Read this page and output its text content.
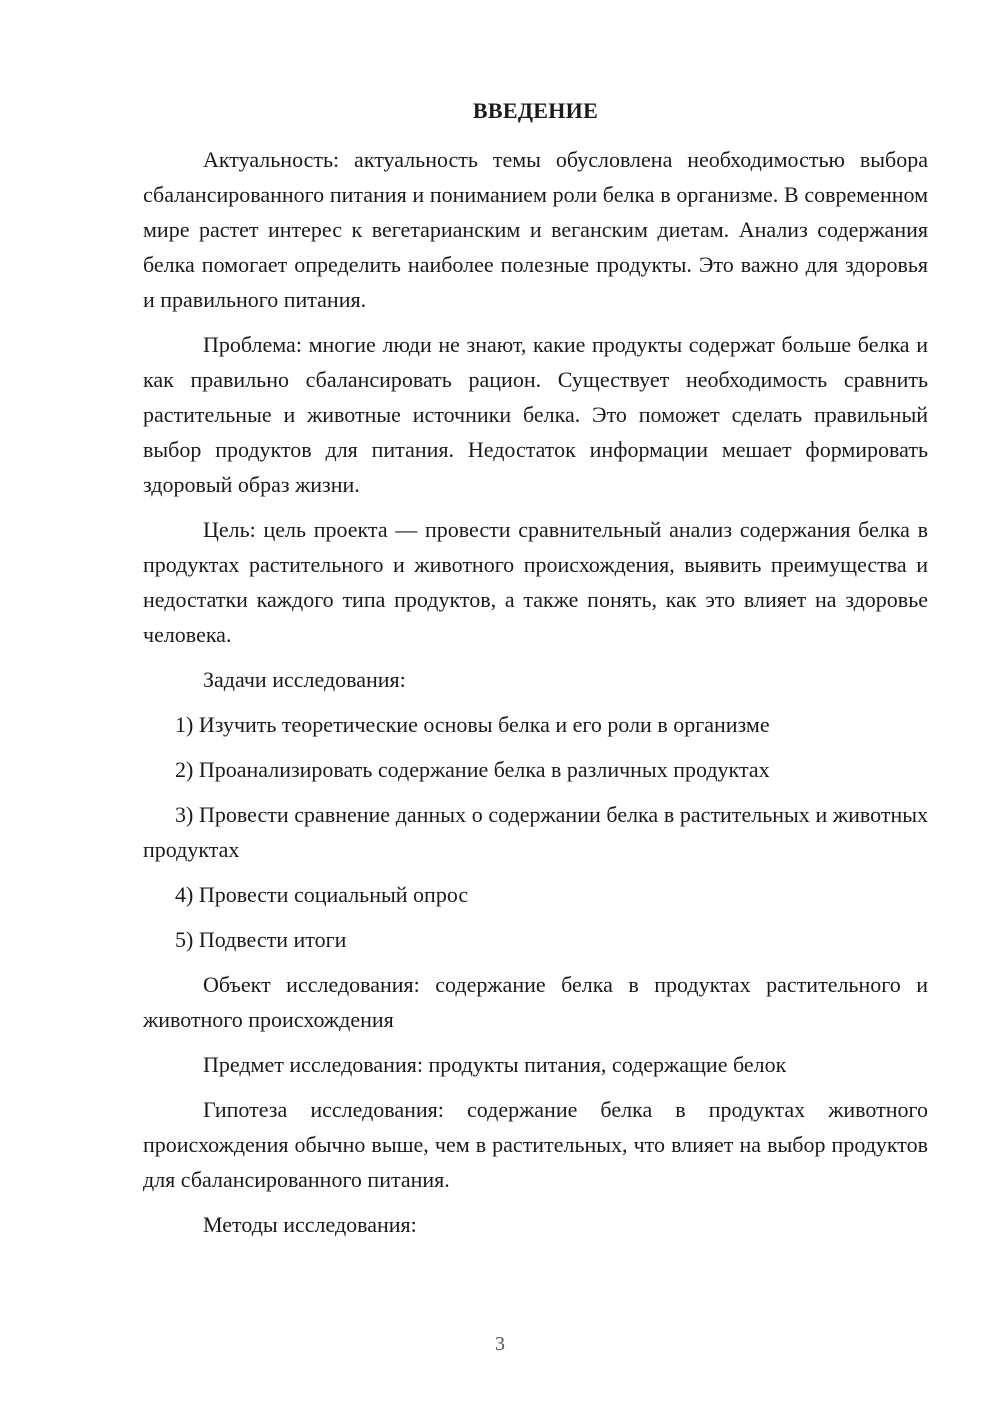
ВВЕДЕНИЕ

Актуальность: актуальность темы обусловлена необходимостью выбора сбалансированного питания и пониманием роли белка в организме. В современном мире растет интерес к вегетарианским и веганским диетам. Анализ содержания белка помогает определить наиболее полезные продукты. Это важно для здоровья и правильного питания.

Проблема: многие люди не знают, какие продукты содержат больше белка и как правильно сбалансировать рацион. Существует необходимость сравнить растительные и животные источники белка. Это поможет сделать правильный выбор продуктов для питания. Недостаток информации мешает формировать здоровый образ жизни.

Цель: цель проекта — провести сравнительный анализ содержания белка в продуктах растительного и животного происхождения, выявить преимущества и недостатки каждого типа продуктов, а также понять, как это влияет на здоровье человека.

Задачи исследования:

1) Изучить теоретические основы белка и его роли в организме

2) Проанализировать содержание белка в различных продуктах

3) Провести сравнение данных о содержании белка в растительных и животных продуктах

4) Провести социальный опрос

5) Подвести итоги

Объект исследования: содержание белка в продуктах растительного и животного происхождения

Предмет исследования: продукты питания, содержащие белок

Гипотеза исследования: содержание белка в продуктах животного происхождения обычно выше, чем в растительных, что влияет на выбор продуктов для сбалансированного питания.

Методы исследования:

3
